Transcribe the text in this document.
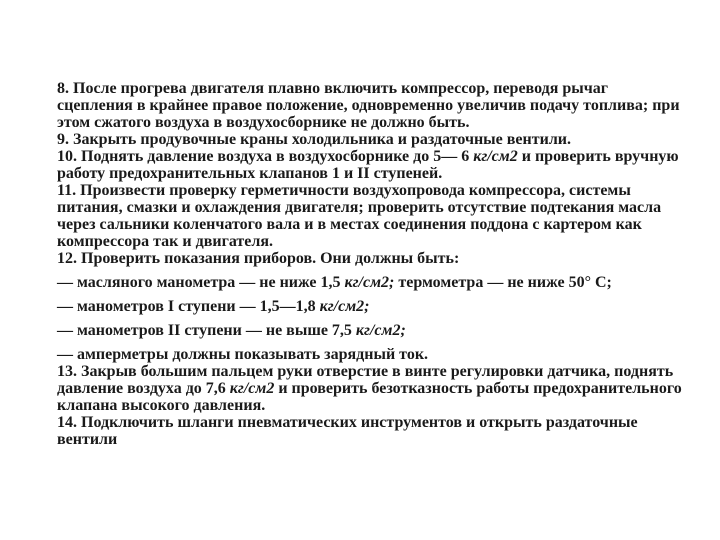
8. После прогрева двигателя плавно включить компрессор, переводя рычаг сцепления в крайнее правое положение, одновременно увеличив подачу топлива; при этом сжатого воздуха в воздухосборнике не должно быть.

9. Закрыть продувочные краны холодильника и раздаточные вентили.

10. Поднять давление воздуха в воздухосборнике до 5— 6 кг/см2 и проверить вручную работу предохранительных клапанов 1 и II ступеней.

11. Произвести проверку герметичности воздухопровода компрессора, системы питания, смазки и охлаждения двигателя; проверить отсутствие подтекания масла через сальники коленчатого вала и в местах соединения поддона с картером как компрессора так и двигателя.

12. Проверить показания приборов. Они должны быть:

— масляного манометра — не ниже 1,5 кг/см2; термометра — не ниже 50° С;

— манометров I ступени — 1,5—1,8 кг/см2;

— манометров II ступени — не выше 7,5 кг/см2;

— амперметры должны показывать зарядный ток.

13. Закрыв большим пальцем руки отверстие в винте регулировки датчика, поднять давление воздуха до 7,6 кг/см2 и проверить безотказность работы предохранительного клапана высокого давления.

14. Подключить шланги пневматических инструментов и открыть раздаточные вентили
